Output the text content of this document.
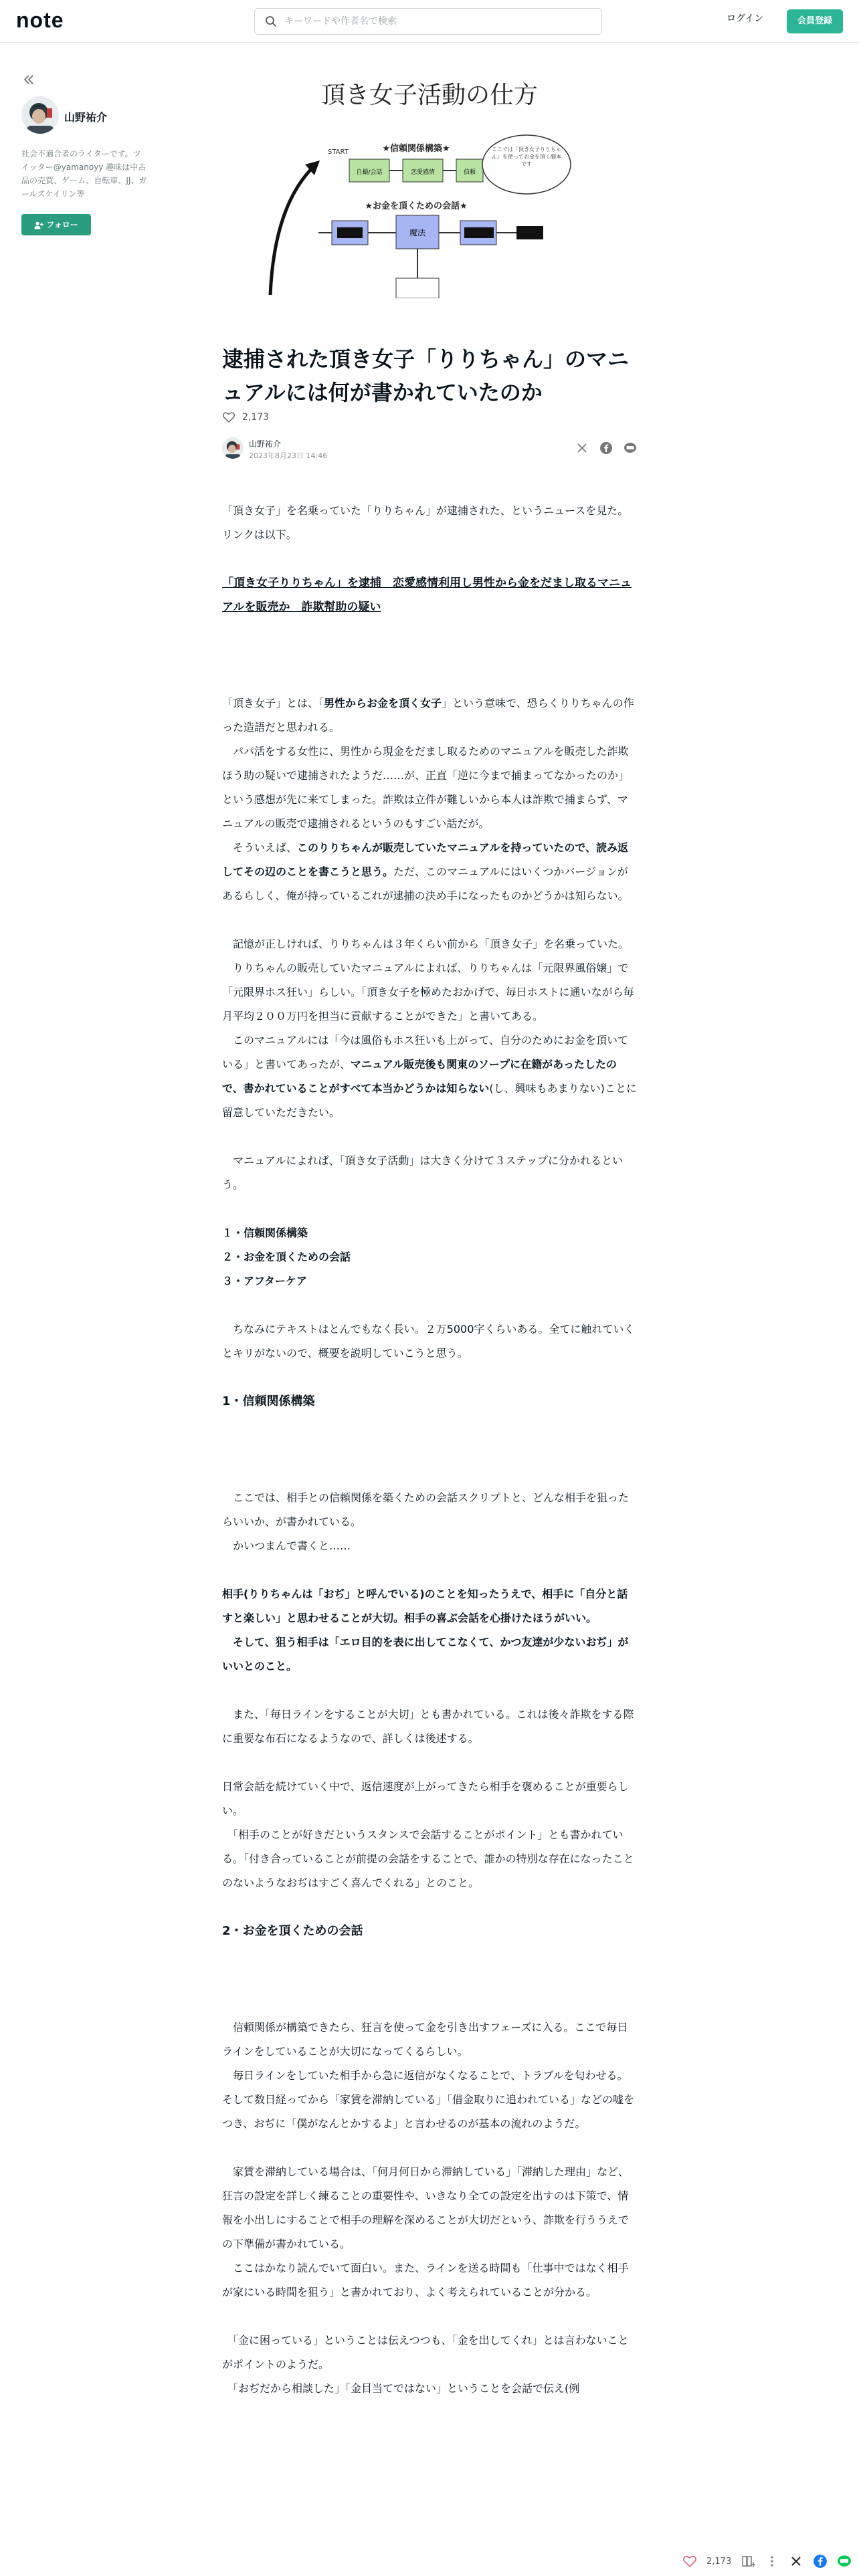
note
キーワードや作者名で検索	ログイン	会員登録
山野祐介
社会不適合者のライターです。ツイッター@yamanoyy 趣味は中古品の売買、ゲーム、自転車、JJ、ガールズケイリン等
フォロー
頂き女子活動の仕方
START	★信頼関係構築★
自撮/会話	恋愛感情	信頼
ここでは「頂き女子りりちゃん」を使ってお金を頂く脚本です
★お金を頂くための会話★
魔法
逮捕された頂き女子「りりちゃん」のマニュアルには何が書かれていたのか
2,173
山野祐介
2023年8月23日 14:46

「頂き女子」を名乗っていた「りりちゃん」が逮捕された、というニュースを見た。リンクは以下。

「頂き女子りりちゃん」を逮捕　恋愛感情利用し男性から金をだまし取るマニュアルを販売か　詐欺幇助の疑い

「頂き女子」とは、「男性からお金を頂く女子」という意味で、恐らくりりちゃんの作った造語だと思われる。

　パパ活をする女性に、男性から現金をだまし取るためのマニュアルを販売した詐欺ほう助の疑いで逮捕されたようだ……が、正直「逆に今まで捕まってなかったのか」という感想が先に来てしまった。詐欺は立件が難しいから本人は詐欺で捕まらず、マニュアルの販売で逮捕されるというのもすごい話だが。

　そういえば、このりりちゃんが販売していたマニュアルを持っていたので、読み返してその辺のことを書こうと思う。ただ、このマニュアルにはいくつかバージョンがあるらしく、俺が持っているこれが逮捕の決め手になったものかどうかは知らない。

　記憶が正しければ、りりちゃんは３年くらい前から「頂き女子」を名乗っていた。

　りりちゃんの販売していたマニュアルによれば、りりちゃんは「元限界風俗嬢」で「元限界ホス狂い」らしい。「頂き女子を極めたおかげで、毎日ホストに通いながら毎月平均２００万円を担当に貢献することができた」と書いてある。

　このマニュアルには「今は風俗もホス狂いも上がって、自分のためにお金を頂いている」と書いてあったが、マニュアル販売後も関東のソープに在籍があったしたので、書かれていることがすべて本当かどうかは知らない(し、興味もあまりない)ことに留意していただきたい。

　マニュアルによれば、「頂き女子活動」は大きく分けて３ステップに分かれるという。

１・信頼関係構築

２・お金を頂くための会話

３・アフターケア

　ちなみにテキストはとんでもなく長い。２万5000字くらいある。全てに触れていくとキリがないので、概要を説明していこうと思う。

1・信頼関係構築

　ここでは、相手との信頼関係を築くための会話スクリプトと、どんな相手を狙ったらいいか、が書かれている。

　かいつまんで書くと……

相手(りりちゃんは「おぢ」と呼んでいる)のことを知ったうえで、相手に「自分と話すと楽しい」と思わせることが大切。相手の喜ぶ会話を心掛けたほうがいい。

　そして、狙う相手は「エロ目的を表に出してこなくて、かつ友達が少ないおぢ」がいいとのこと。

　また、「毎日ラインをすることが大切」とも書かれている。これは後々詐欺をする際に重要な布石になるようなので、詳しくは後述する。

日常会話を続けていく中で、返信速度が上がってきたら相手を褒めることが重要らしい。

　「相手のことが好きだというスタンスで会話することがポイント」とも書かれている。「付き合っていることが前提の会話をすることで、誰かの特別な存在になったことのないようなおぢはすごく喜んでくれる」とのこと。

2・お金を頂くための会話

　信頼関係が構築できたら、狂言を使って金を引き出すフェーズに入る。ここで毎日ラインをしていることが大切になってくるらしい。

　毎日ラインをしていた相手から急に返信がなくなることで、トラブルを匂わせる。そして数日経ってから「家賃を滞納している」「借金取りに追われている」などの嘘をつき、おぢに「僕がなんとかするよ」と言わせるのが基本の流れのようだ。

　家賃を滞納している場合は、「何月何日から滞納している」「滞納した理由」など、狂言の設定を詳しく練ることの重要性や、いきなり全ての設定を出すのは下策で、情報を小出しにすることで相手の理解を深めることが大切だという、詐欺を行ううえでの下準備が書かれている。

　ここはかなり読んでいて面白い。また、ラインを送る時間も「仕事中ではなく相手が家にいる時間を狙う」と書かれており、よく考えられていることが分かる。

　「金に困っている」ということは伝えつつも、「金を出してくれ」とは言わないことがポイントのようだ。

　「おぢだから相談した」「金目当てではない」ということを会話で伝え(例

2,173
